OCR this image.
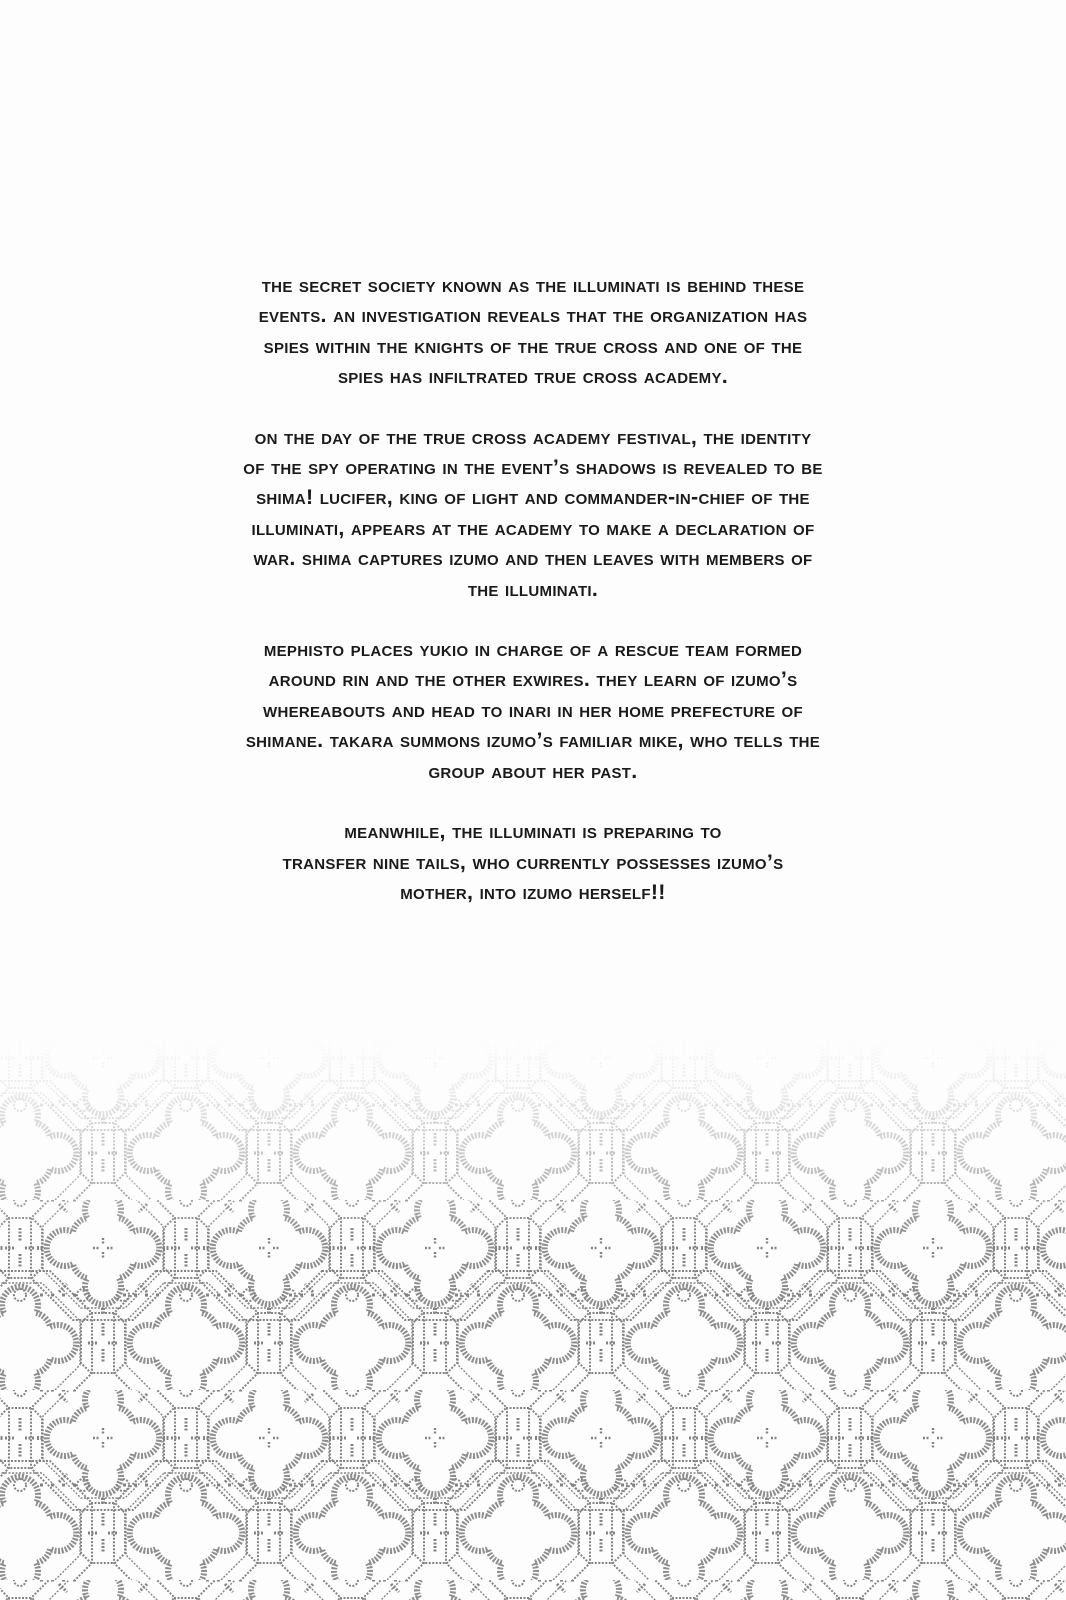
the secret society known as the illuminati is behind these
events. an investigation reveals that the organization has
spies within the knights of the true cross and one of the
spies has infiltrated true cross academy.

on the day of the true cross academy festival, the identity
of the spy operating in the event’s shadows is revealed to be
shima! lucifer, king of light and commander-in-chief of the
illuminati, appears at the academy to make a declaration of
war. shima captures izumo and then leaves with members of
the illuminati.

mephisto places yukio in charge of a rescue team formed
around rin and the other exwires. they learn of izumo’s
whereabouts and head to inari in her home prefecture of
shimane. takara summons izumo’s familiar mike, who tells the
group about her past.

meanwhile, the illuminati is preparing to
transfer nine tails, who currently possesses izumo’s
mother, into izumo herself!!
